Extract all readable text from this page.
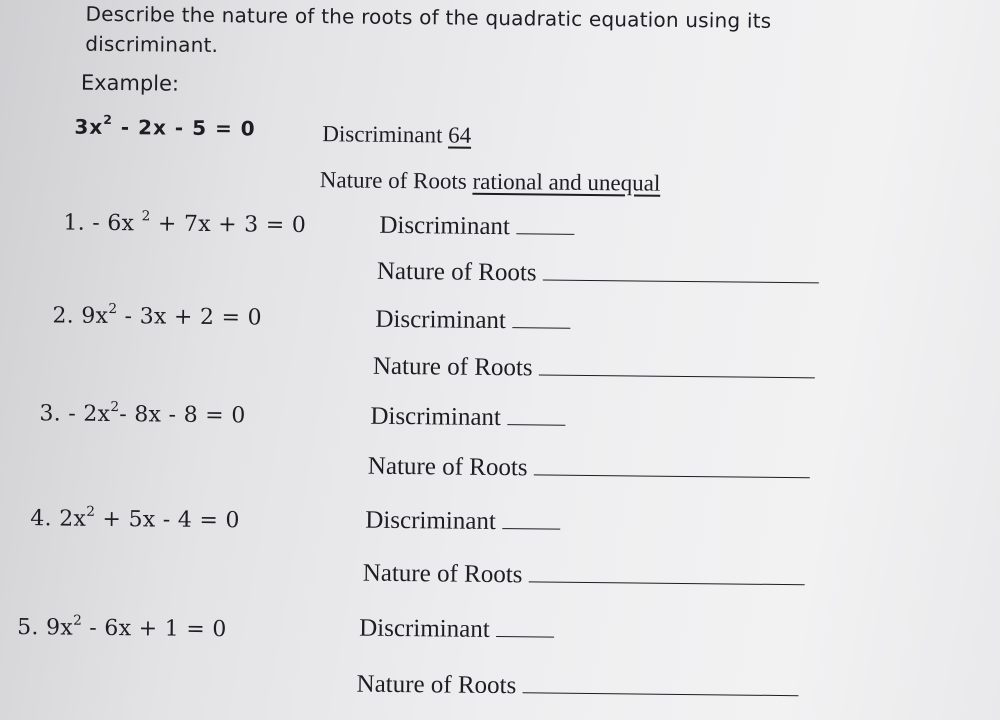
Describe the nature of the roots of the quadratic equation using its discriminant.
Example:
$3x^2 - 2x - 5 = 0$	Discriminant 64
Nature of Roots rational and unequal
1. - 6x $^2$ + 7x + 3 = 0	Discriminant
Nature of Roots
2. $9x^2 - 3x + 2 = 0$	Discriminant
Nature of Roots
3. - $2x^2-$ 8x - 8 = 0	Discriminant
Nature of Roots
4. $2x^2 + 5x - 4 = 0$	Discriminant
Nature of Roots
5. $9x^2 - 6x + 1 = 0$	Discriminant
Nature of Roots
